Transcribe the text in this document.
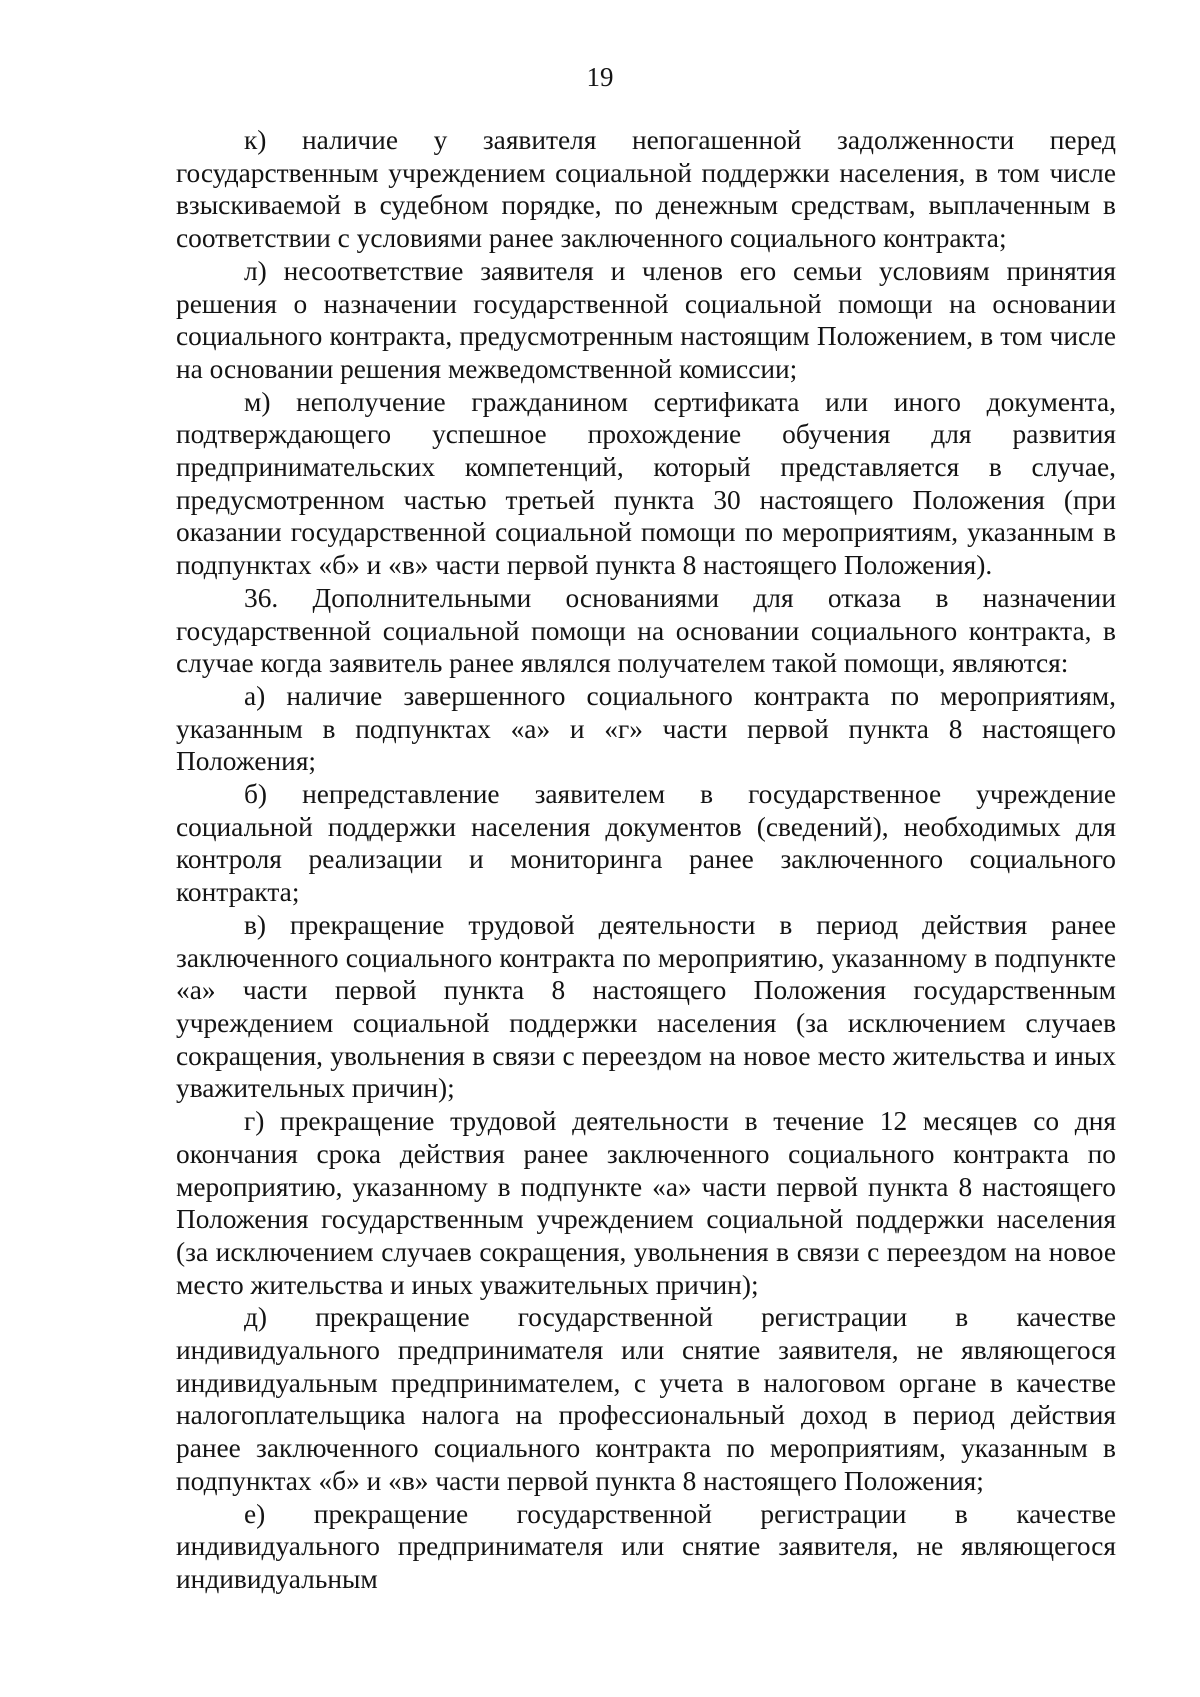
19

к) наличие у заявителя непогашенной задолженности перед государственным учреждением социальной поддержки населения, в том числе взыскиваемой в судебном порядке, по денежным средствам, выплаченным в соответствии с условиями ранее заключенного социального контракта;

л) несоответствие заявителя и членов его семьи условиям принятия решения о назначении государственной социальной помощи на основании социального контракта, предусмотренным настоящим Положением, в том числе на основании решения межведомственной комиссии;

м) неполучение гражданином сертификата или иного документа, подтверждающего успешное прохождение обучения для развития предпринимательских компетенций, который представляется в случае, предусмотренном частью третьей пункта 30 настоящего Положения (при оказании государственной социальной помощи по мероприятиям, указанным в подпунктах «б» и «в» части первой пункта 8 настоящего Положения).

36. Дополнительными основаниями для отказа в назначении государственной социальной помощи на основании социального контракта, в случае когда заявитель ранее являлся получателем такой помощи, являются:

а) наличие завершенного социального контракта по мероприятиям, указанным в подпунктах «а» и «г» части первой пункта 8 настоящего Положения;

б) непредставление заявителем в государственное учреждение социальной поддержки населения документов (сведений), необходимых для контроля реализации и мониторинга ранее заключенного социального контракта;

в) прекращение трудовой деятельности в период действия ранее заключенного социального контракта по мероприятию, указанному в подпункте «а» части первой пункта 8 настоящего Положения государственным учреждением социальной поддержки населения (за исключением случаев сокращения, увольнения в связи с переездом на новое место жительства и иных уважительных причин);

г) прекращение трудовой деятельности в течение 12 месяцев со дня окончания срока действия ранее заключенного социального контракта по мероприятию, указанному в подпункте «а» части первой пункта 8 настоящего Положения государственным учреждением социальной поддержки населения (за исключением случаев сокращения, увольнения в связи с переездом на новое место жительства и иных уважительных причин);

д) прекращение государственной регистрации в качестве индивидуального предпринимателя или снятие заявителя, не являющегося индивидуальным предпринимателем, с учета в налоговом органе в качестве налогоплательщика налога на профессиональный доход в период действия ранее заключенного социального контракта по мероприятиям, указанным в подпунктах «б» и «в» части первой пункта 8 настоящего Положения;

е) прекращение государственной регистрации в качестве индивидуального предпринимателя или снятие заявителя, не являющегося индивидуальным
